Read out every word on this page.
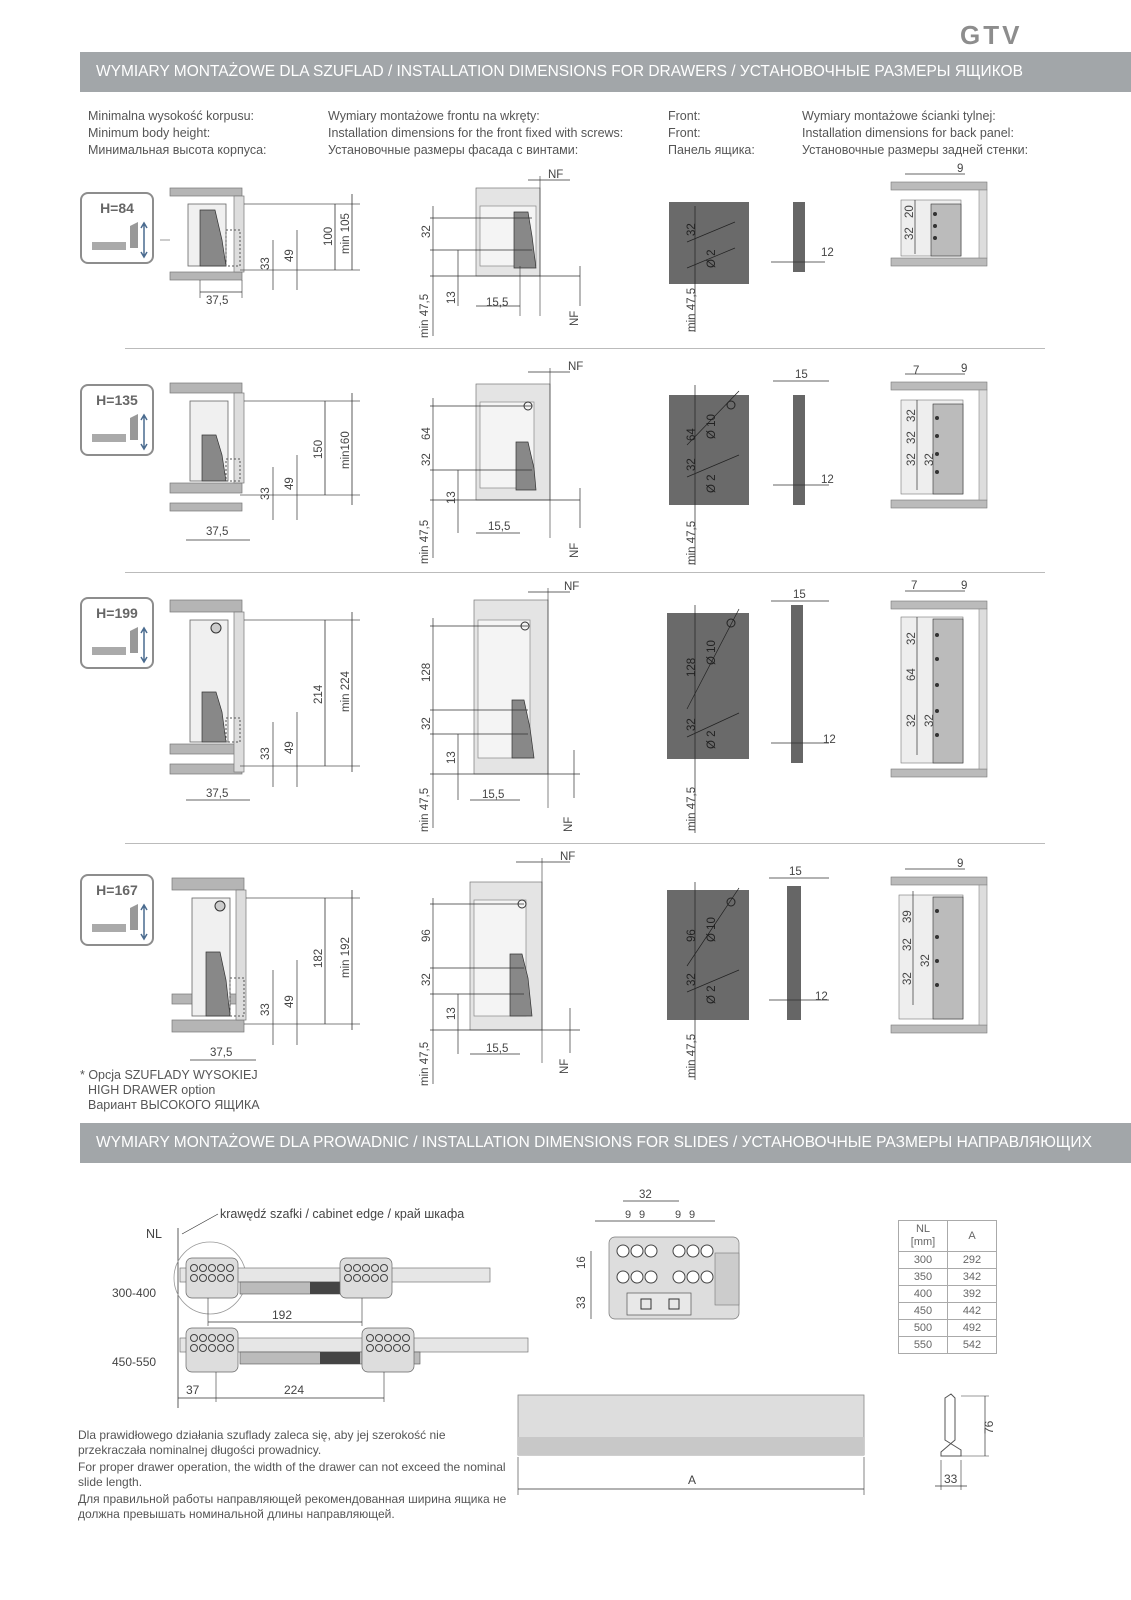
GTV
WYMIARY MONTAŻOWE DLA SZUFLAD / INSTALLATION DIMENSIONS FOR DRAWERS / УСТАНОВОЧНЫЕ РАЗМЕРЫ ЯЩИКОВ
Minimalna wysokość korpusu:
Minimum body height:
Минимальная высота корпуса:
Wymiary montażowe frontu na wkręty:
Installation dimensions for the front fixed with screws:
Установочные размеры фасада с винтами:
Front:
Front:
Панель ящика:
Wymiary montażowe ścianki tylnej:
Installation dimensions for back panel:
Установочные размеры задней стенки:
H=84
H=135
H=199
H=167
37,5
33
49
100 min 105
NF
32
13 15,5
min 47,5	NF
32
Ø 2
min 47,5
12
9
32
20
37,5
33
49
150 min160
NF
64
32
13
15,5
min 47,5	NF
64
32
Ø 10
Ø 2
min 47,5
15
12
7	9
32
32
32 32
37,5
33 49
214 min 224
NF
128
32
13
15,5
min 47,5	NF
128
32
Ø 10
Ø 2
min 47,5
15
12
7	9
32
64
32 32
37,5
33
49
182 min 192
NF
96
32
13
15,5
min 47,5	NF
96
32
Ø 10
Ø 2
min 47,5
15
12
9
39
32
32
32
* Opcja SZUFLADY WYSOKIEJ
HIGH DRAWER option
Вариант ВЫСОКОГО ЯЩИКА
WYMIARY MONTAŻOWE DLA PROWADNIC / INSTALLATION DIMENSIONS FOR SLIDES / УСТАНОВОЧНЫЕ РАЗМЕРЫ НАПРАВЛЯЮЩИХ
krawędź szafki / cabinet edge / край шкафа
NL
300-400
450-550
192
37	224
32
9 9	9 9
16
33
NL
[mm]	A
300	292
350	342
400	392
450	442
500	492
550	542
A
76
33

Dla prawidłowego działania szuflady zaleca się, aby jej szerokość nie przekraczała nominalnej długości prowadnicy.

For proper drawer operation, the width of the drawer can not exceed the nominal slide length.

Для правильной работы направляющей рекомендованная ширина ящика не должна превышать номинальной длины направляющей.
